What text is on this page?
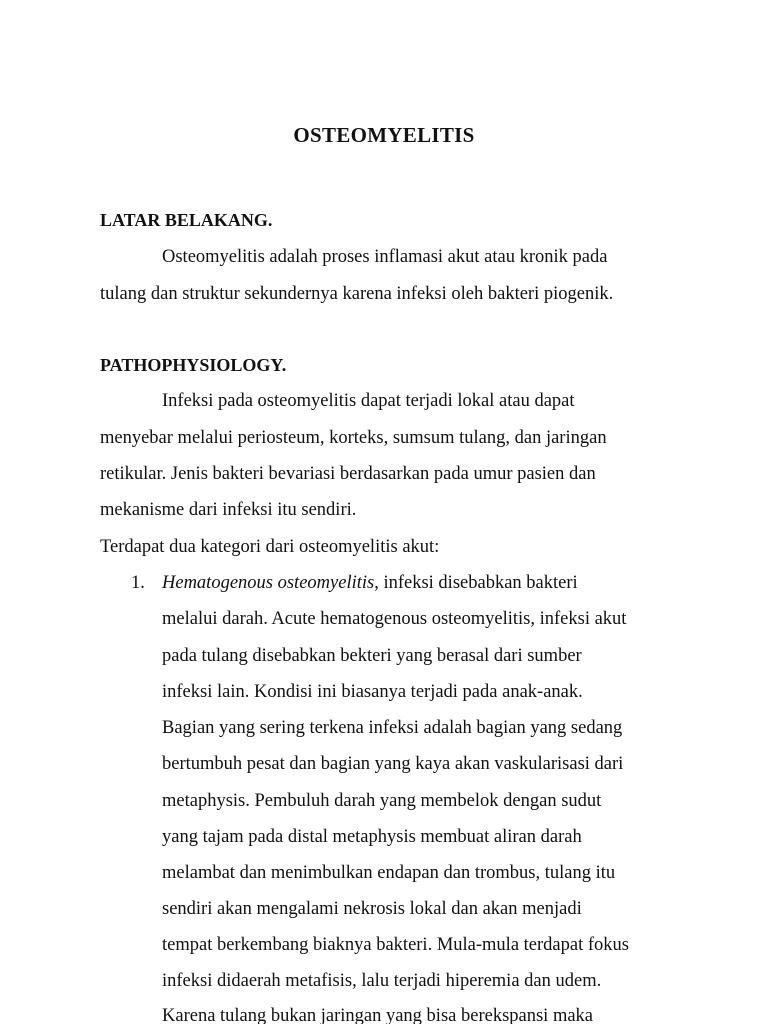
OSTEOMYELITIS
LATAR BELAKANG.

Osteomyelitis adalah proses inflamasi akut atau kronik pada

tulang dan struktur sekundernya karena infeksi oleh bakteri piogenik.

PATHOPHYSIOLOGY.

Infeksi pada osteomyelitis dapat terjadi lokal atau dapat

menyebar melalui periosteum, korteks, sumsum tulang, dan jaringan

retikular. Jenis bakteri bevariasi berdasarkan pada umur pasien dan

mekanisme dari infeksi itu sendiri.

Terdapat dua kategori dari osteomyelitis akut:

1. Hematogenous osteomyelitis, infeksi disebabkan bakteri

melalui darah. Acute hematogenous osteomyelitis, infeksi akut

pada tulang disebabkan bekteri yang berasal dari sumber

infeksi lain. Kondisi ini biasanya terjadi pada anak-anak.

Bagian yang sering terkena infeksi adalah bagian yang sedang

bertumbuh pesat dan bagian yang kaya akan vaskularisasi dari

metaphysis. Pembuluh darah yang membelok dengan sudut

yang tajam pada distal metaphysis membuat aliran darah

melambat dan menimbulkan endapan dan trombus, tulang itu

sendiri akan mengalami nekrosis lokal dan akan menjadi

tempat berkembang biaknya bakteri. Mula-mula terdapat fokus

infeksi didaerah metafisis, lalu terjadi hiperemia dan udem.

Karena tulang bukan jaringan yang bisa berekspansi maka
